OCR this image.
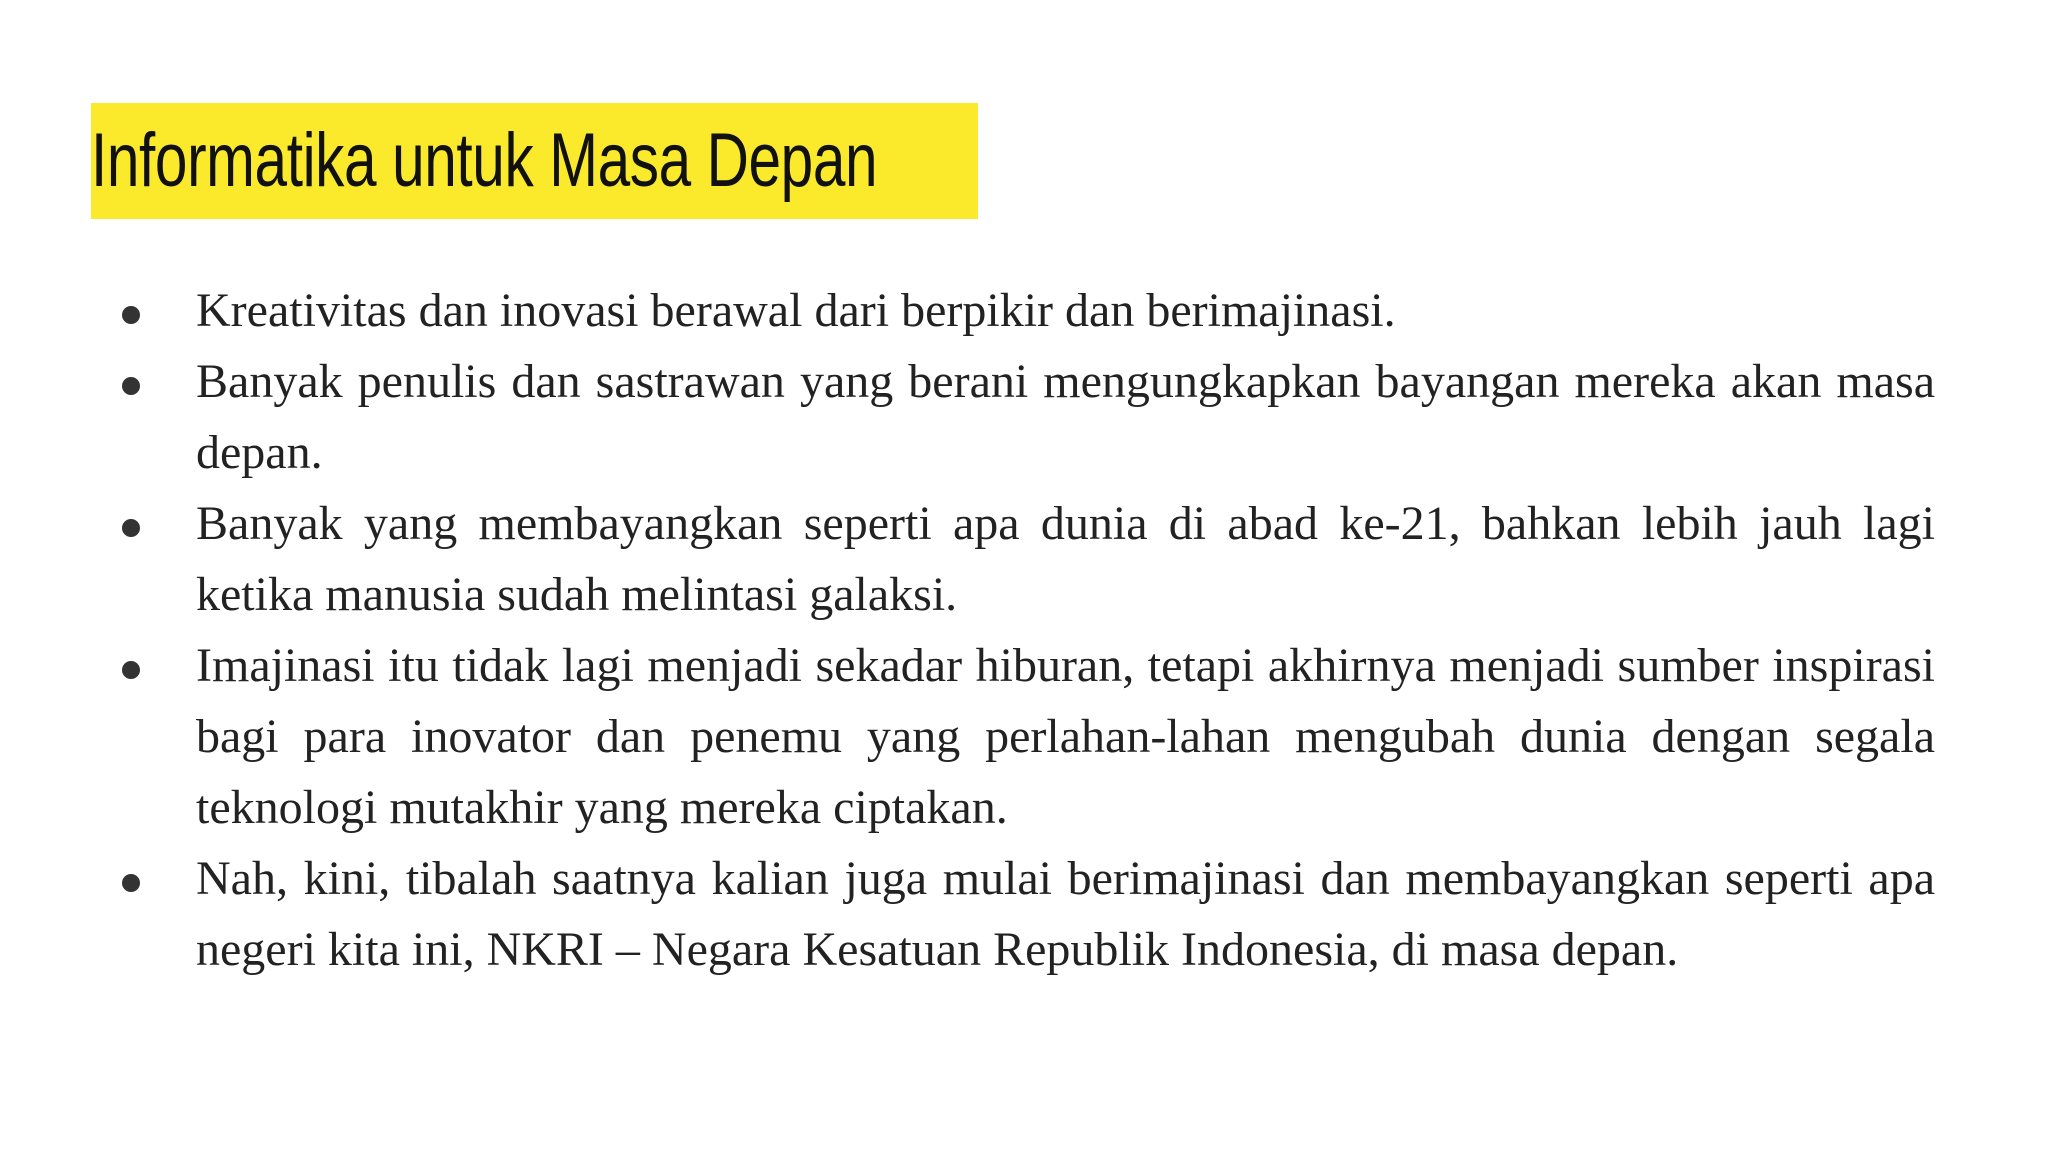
Informatika untuk Masa Depan
Kreativitas dan inovasi berawal dari berpikir dan berimajinasi.
Banyak penulis dan sastrawan yang berani mengungkapkan bayangan mereka akan masa depan.
Banyak yang membayangkan seperti apa dunia di abad ke-21, bahkan lebih jauh lagi ketika manusia sudah melintasi galaksi.
Imajinasi itu tidak lagi menjadi sekadar hiburan, tetapi akhirnya menjadi sumber inspirasi bagi para inovator dan penemu yang perlahan-lahan mengubah dunia dengan segala teknologi mutakhir yang mereka ciptakan.
Nah, kini, tibalah saatnya kalian juga mulai berimajinasi dan membayangkan seperti apa negeri kita ini, NKRI – Negara Kesatuan Republik Indonesia, di masa depan.
